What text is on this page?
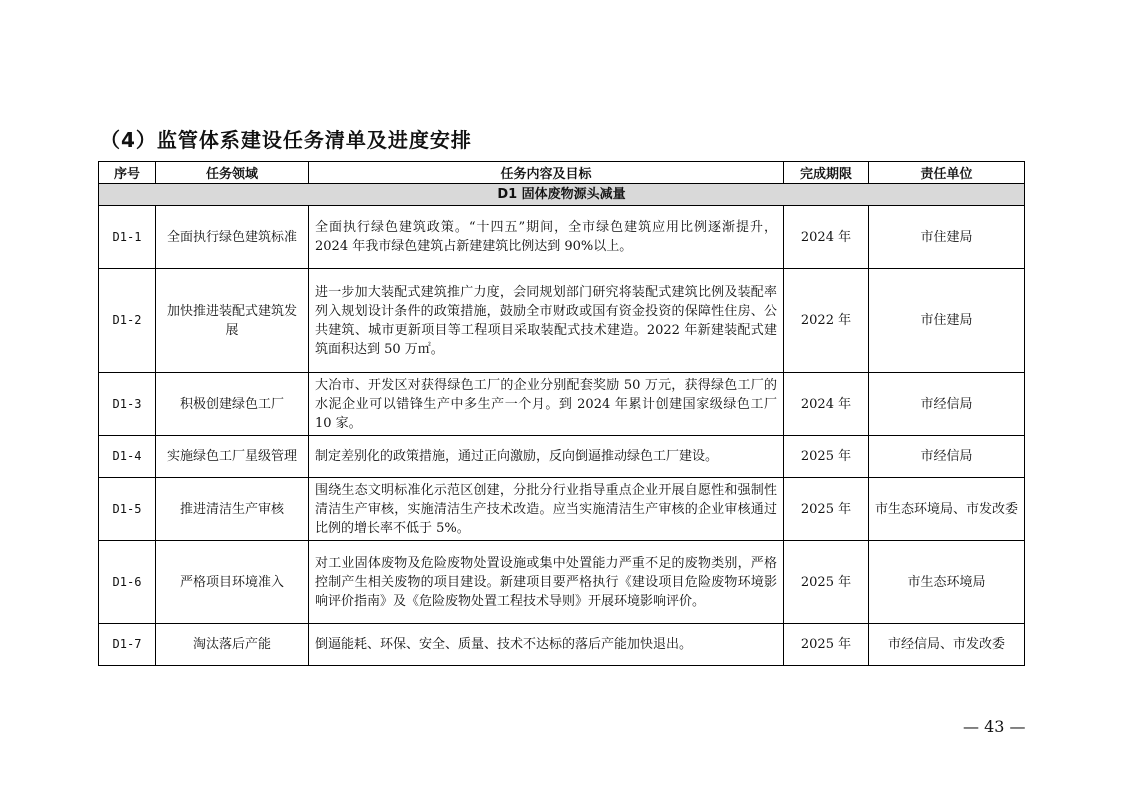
（4）监管体系建设任务清单及进度安排
序号	任务领域	任务内容及目标	完成期限	责任单位
D1 固体废物源头减量				
D1-1	全面执行绿色建筑标准	全面执行绿色建筑政策。“十四五”期间，全市绿色建筑应用比例逐渐提升，2024 年我市绿色建筑占新建建筑比例达到 90%以上。	2024 年	市住建局
D1-2	加快推进装配式建筑发展	进一步加大装配式建筑推广力度，会同规划部门研究将装配式建筑比例及装配率列入规划设计条件的政策措施，鼓励全市财政或国有资金投资的保障性住房、公共建筑、城市更新项目等工程项目采取装配式技术建造。2022 年新建装配式建筑面积达到 50 万㎡。	2022 年	市住建局
D1-3	积极创建绿色工厂	大冶市、开发区对获得绿色工厂的企业分别配套奖励 50 万元，获得绿色工厂的水泥企业可以错锋生产中多生产一个月。到 2024 年累计创建国家级绿色工厂 10 家。	2024 年	市经信局
D1-4	实施绿色工厂星级管理	制定差别化的政策措施，通过正向激励，反向倒逼推动绿色工厂建设。	2025 年	市经信局
D1-5	推进清洁生产审核	围绕生态文明标准化示范区创建，分批分行业指导重点企业开展自愿性和强制性清洁生产审核，实施清洁生产技术改造。应当实施清洁生产审核的企业审核通过比例的增长率不低于 5%。	2025 年	市生态环境局、市发改委
D1-6	严格项目环境准入	对工业固体废物及危险废物处置设施或集中处置能力严重不足的废物类别，严格控制产生相关废物的项目建设。新建项目要严格执行《建设项目危险废物环境影响评价指南》及《危险废物处置工程技术导则》开展环境影响评价。	2025 年	市生态环境局
D1-7	淘汰落后产能	倒逼能耗、环保、安全、质量、技术不达标的落后产能加快退出。	2025 年	市经信局、市发改委
— 43 —
